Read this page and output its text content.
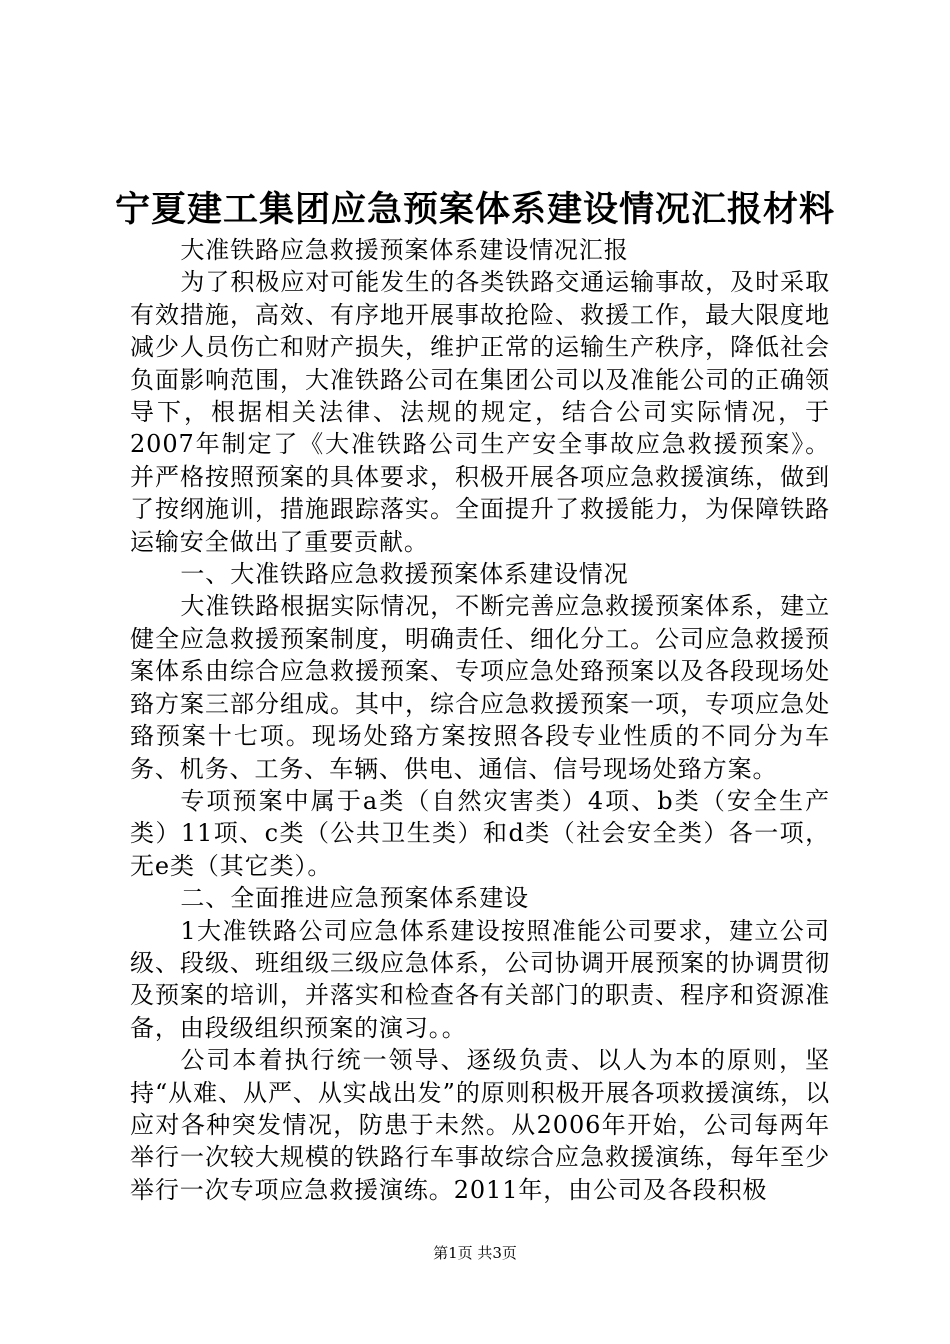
宁夏建工集团应急预案体系建设情况汇报材料

大准铁路应急救援预案体系建设情况汇报

为了积极应对可能发生的各类铁路交通运输事故，及时采取有效措施，高效、有序地开展事故抢险、救援工作，最大限度地减少人员伤亡和财产损失，维护正常的运输生产秩序，降低社会负面影响范围，大准铁路公司在集团公司以及准能公司的正确领导下，根据相关法律、法规的规定，结合公司实际情况，于2007年制定了《大准铁路公司生产安全事故应急救援预案》。并严格按照预案的具体要求，积极开展各项应急救援演练，做到了按纲施训，措施跟踪落实。全面提升了救援能力，为保障铁路运输安全做出了重要贡献。

一、大准铁路应急救援预案体系建设情况

大准铁路根据实际情况，不断完善应急救援预案体系，建立健全应急救援预案制度，明确责任、细化分工。公司应急救援预案体系由综合应急救援预案、专项应急处臵预案以及各段现场处臵方案三部分组成。其中，综合应急救援预案一项，专项应急处臵预案十七项。现场处臵方案按照各段专业性质的不同分为车务、机务、工务、车辆、供电、通信、信号现场处臵方案。

专项预案中属于a类（自然灾害类）4项、b类（安全生产类）11项、c类（公共卫生类）和d类（社会安全类）各一项，无e类（其它类）。

二、全面推进应急预案体系建设

1大准铁路公司应急体系建设按照准能公司要求，建立公司级、段级、班组级三级应急体系，公司协调开展预案的协调贯彻及预案的培训，并落实和检查各有关部门的职责、程序和资源准备，由段级组织预案的演习。。

公司本着执行统一领导、逐级负责、以人为本的原则，坚持“从难、从严、从实战出发”的原则积极开展各项救援演练，以应对各种突发情况，防患于未然。从2006年开始，公司每两年举行一次较大规模的铁路行车事故综合应急救援演练，每年至少举行一次专项应急救援演练。2011年，由公司及各段积极

第1页 共3页
